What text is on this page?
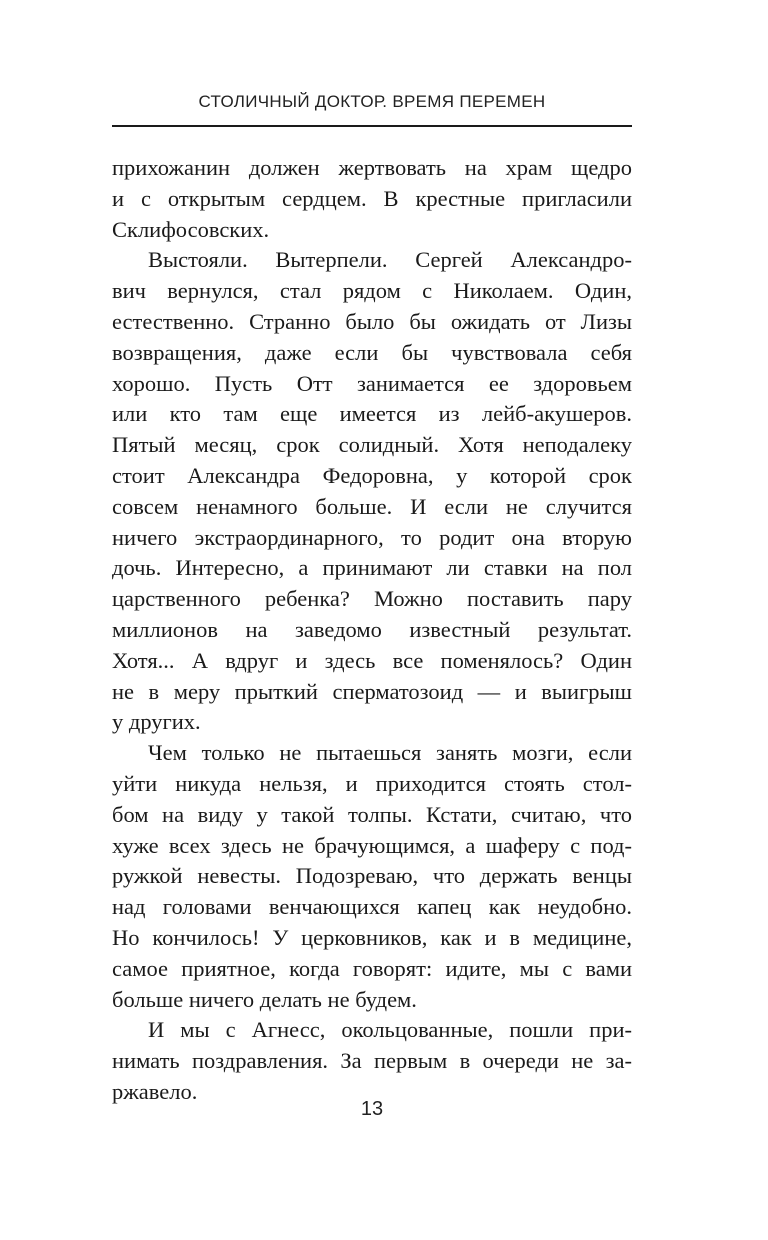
СТОЛИЧНЫЙ ДОКТОР. ВРЕМЯ ПЕРЕМЕН
прихожанин должен жертвовать на храм щедро
и с открытым сердцем. В крестные пригласили
Склифосовских.
Выстояли. Вытерпели. Сергей Александро-
вич вернулся, стал рядом с Николаем. Один,
естественно. Странно было бы ожидать от Лизы
возвращения, даже если бы чувствовала себя
хорошо. Пусть Отт занимается ее здоровьем
или кто там еще имеется из лейб-акушеров.
Пятый месяц, срок солидный. Хотя неподалеку
стоит Александра Федоровна, у которой срок
совсем ненамного больше. И если не случится
ничего экстраординарного, то родит она вторую
дочь. Интересно, а принимают ли ставки на пол
царственного ребенка? Можно поставить пару
миллионов на заведомо известный результат.
Хотя... А вдруг и здесь все поменялось? Один
не в меру прыткий сперматозоид — и выигрыш
у других.
Чем только не пытаешься занять мозги, если
уйти никуда нельзя, и приходится стоять стол-
бом на виду у такой толпы. Кстати, считаю, что
хуже всех здесь не брачующимся, а шаферу с под-
ружкой невесты. Подозреваю, что держать венцы
над головами венчающихся капец как неудобно.
Но кончилось! У церковников, как и в медицине,
самое приятное, когда говорят: идите, мы с вами
больше ничего делать не будем.
И мы с Агнесс, окольцованные, пошли при-
нимать поздравления. За первым в очереди не за-
ржавело.
13
